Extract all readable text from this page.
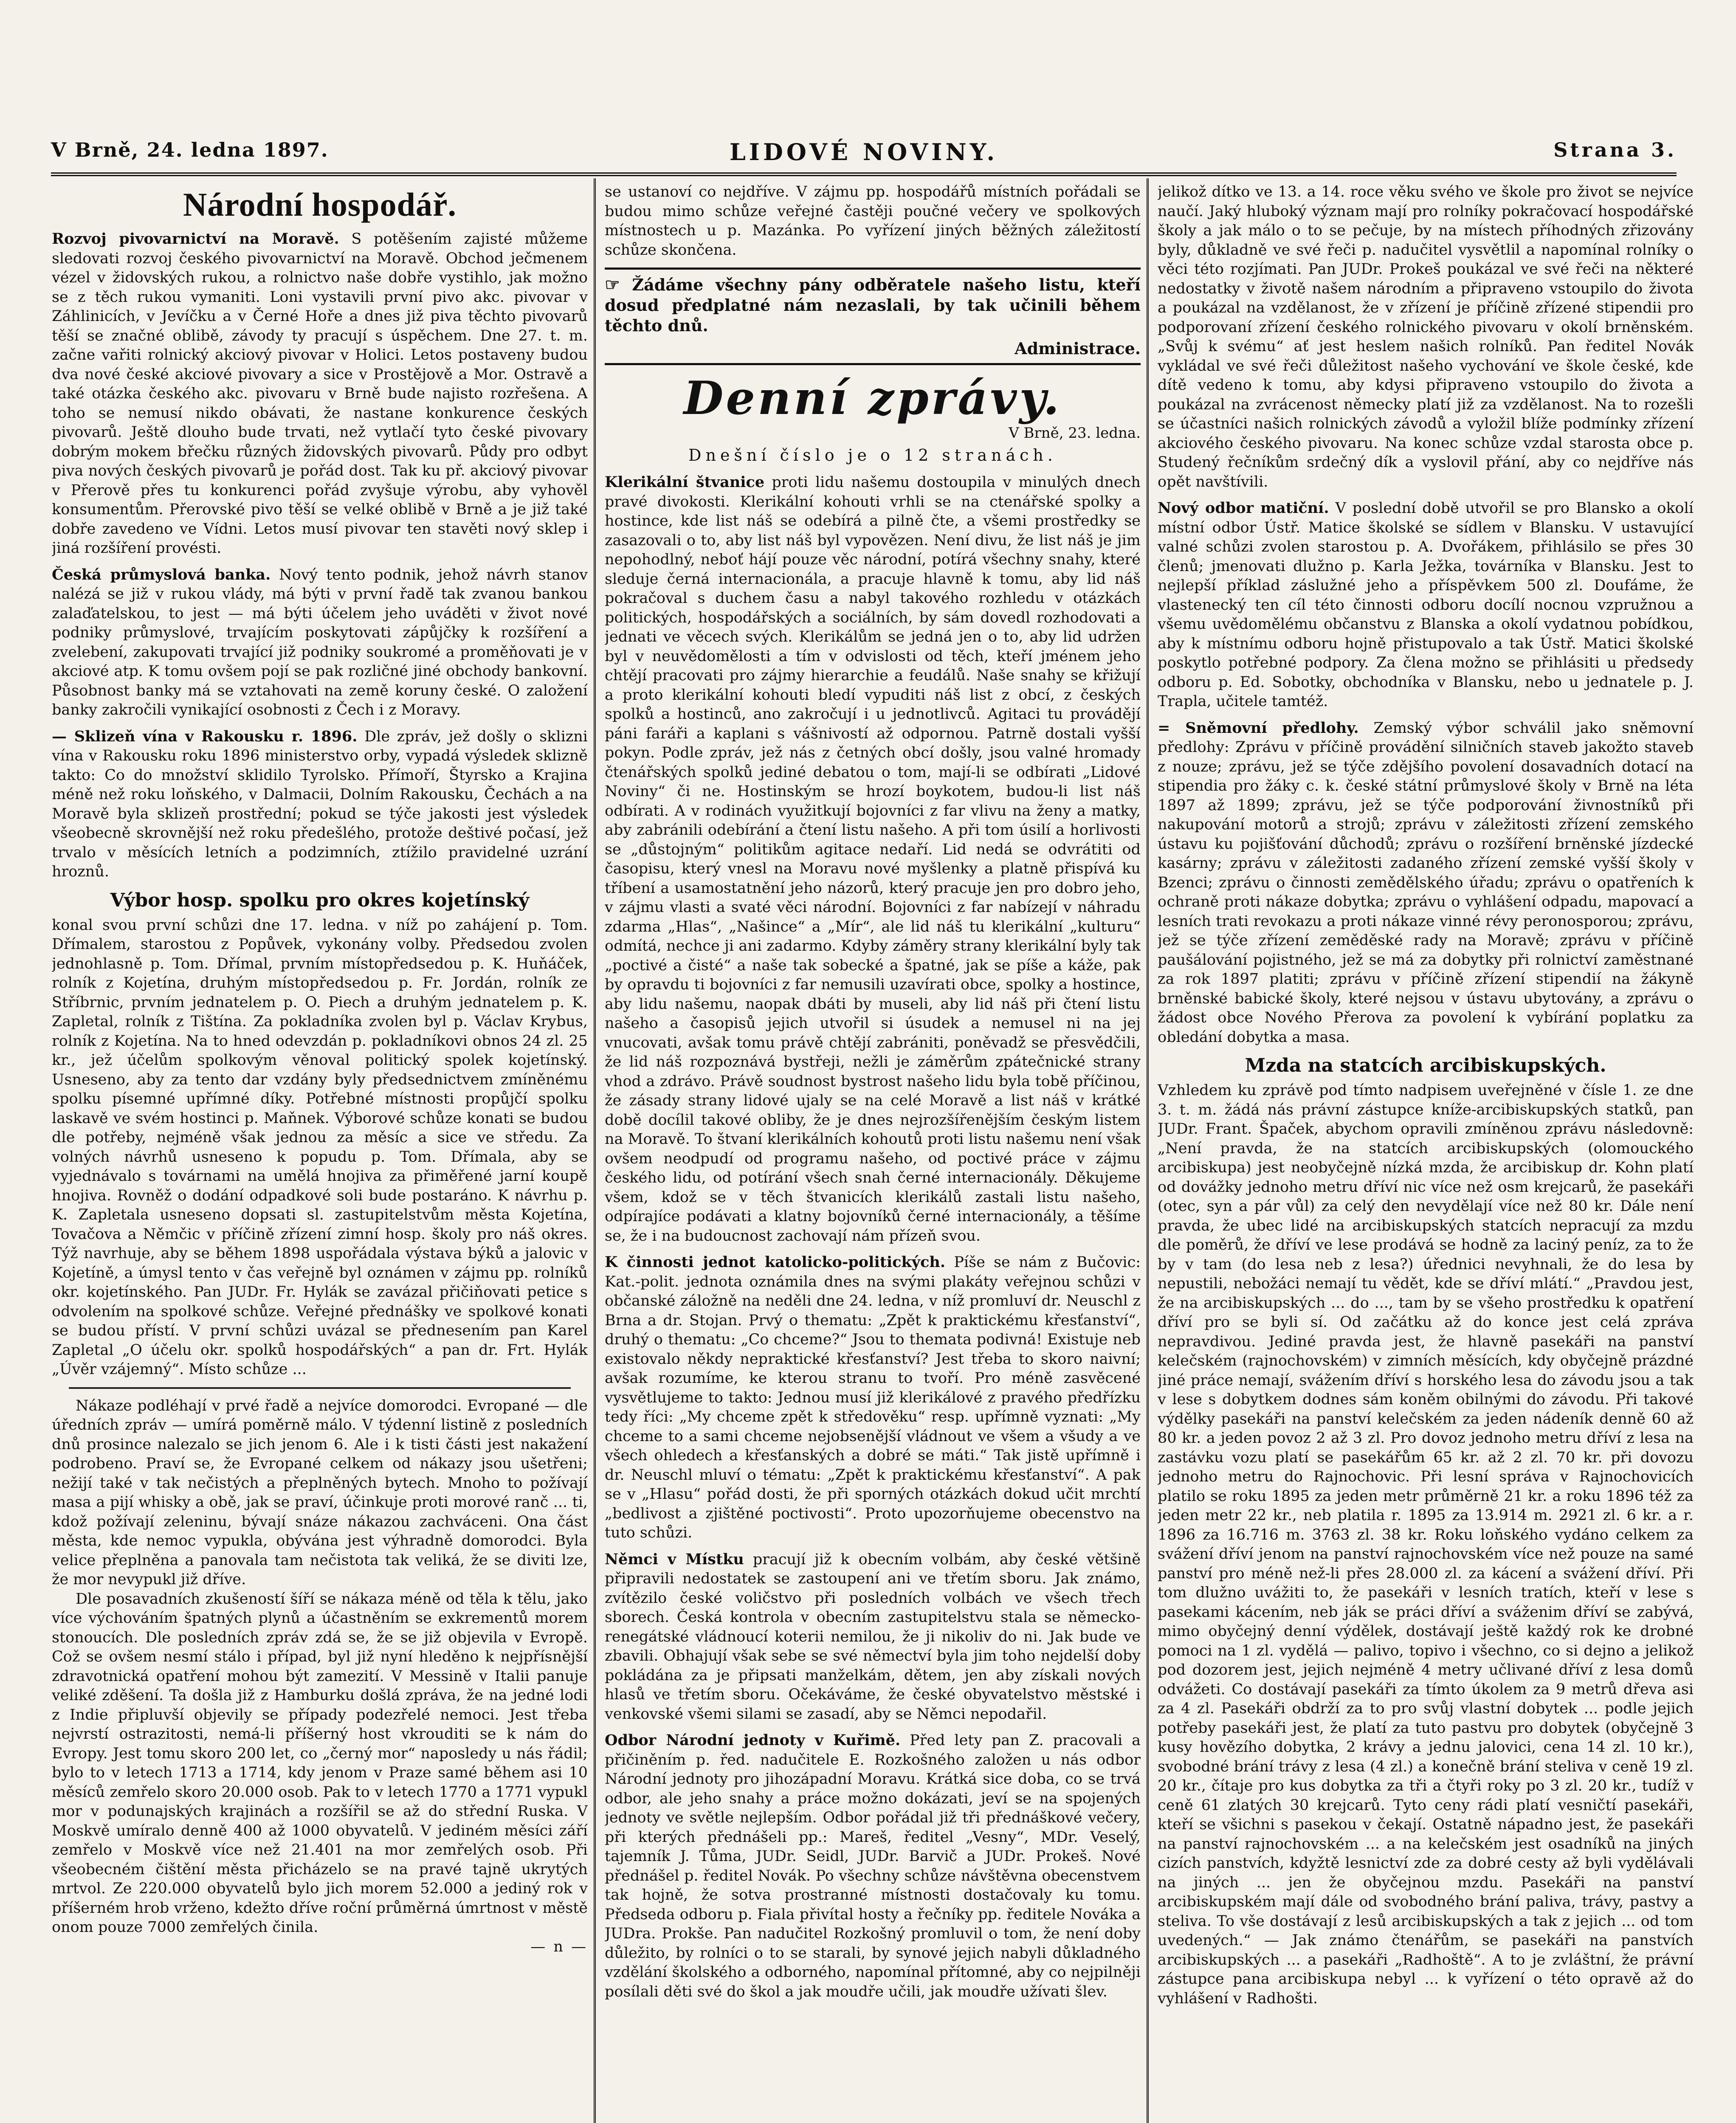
V Brně, 24. ledna 1897.	LIDOVÉ NOVINY.	Strana 3.
Národní hospodář.
Rozvoj pivovarnictví na Moravě. S potěšením zajisté můžeme sledovati rozvoj českého pivovarnictví na Moravě. Obchod ječmenem vézel v židovských rukou, a rolnictvo naše dobře vystihlo, jak možno se z těch rukou vymaniti. Loni vystavili první pivo akc. pivovar v Záhlinicích, v Jevíčku a v Černé Hoře a dnes již piva těchto pivovarů těší se značné oblibě, závody ty pracují s úspěchem. Dne 27. t. m. začne vařiti rolnický akciový pivovar v Holici. Letos postaveny budou dva nové české akciové pivovary a sice v Prostějově a Mor. Ostravě a také otázka českého akc. pivovaru v Brně bude najisto rozřešena. A toho se nemusí nikdo obávati, že nastane konkurence českých pivovarů. Ještě dlouho bude trvati, než vytlačí tyto české pivovary dobrým mokem břečku různých židovských pivovarů. Půdy pro odbyt piva nových českých pivovarů je pořád dost. Tak ku př. akciový pivovar v Přerově přes tu konkurenci pořád zvyšuje výrobu, aby vyhověl konsumentům. Přerovské pivo těší se velké oblibě v Brně a je již také dobře zavedeno ve Vídni. Letos musí pivovar ten stavěti nový sklep i jiná rozšíření provésti.
Česká průmyslová banka. Nový tento podnik, jehož návrh stanov nalézá se již v rukou vlády, má býti v první řadě tak zvanou bankou zalaďatelskou, to jest — má býti účelem jeho uváděti v život nové podniky průmyslové, trvajícím poskytovati zápůjčky k rozšíření a zvelebení, zakupovati trvající již podniky soukromé a proměňovati je v akciové atp. K tomu ovšem pojí se pak rozličné jiné obchody bankovní. Působnost banky má se vztahovati na země koruny české. O založení banky zakročili vynikající osobnosti z Čech i z Moravy.
— Sklizeň vína v Rakousku r. 1896. Dle zpráv, jež došly o sklizni vína v Rakousku roku 1896 ministerstvo orby, vypadá výsledek sklizně takto: Co do množství sklidilo Tyrolsko. Přímoří, Štyrsko a Krajina méně než roku loňského, v Dalmacii, Dolním Rakousku, Čechách a na Moravě byla sklizeň prostřední; pokud se týče jakosti jest výsledek všeobecně skrovnější než roku předešlého, protože deštivé počasí, jež trvalo v měsících letních a podzimních, ztížilo pravidelné uzrání hroznů.
Výbor hosp. spolku pro okres kojetínský
konal svou první schůzi dne 17. ledna. v níž po zahájení p. Tom. Dřímalem, starostou z Popůvek, vykonány volby. Předsedou zvolen jednohlasně p. Tom. Dřímal, prvním místopředsedou p. K. Huňáček, rolník z Kojetína, druhým místopředsedou p. Fr. Jordán, rolník ze Stříbrnic, prvním jednatelem p. O. Piech a druhým jednatelem p. K. Zapletal, rolník z Tištína. Za pokladníka zvolen byl p. Václav Krybus, rolník z Kojetína. Na to hned odevzdán p. pokladníkovi obnos 24 zl. 25 kr., jež účelům spolkovým věnoval politický spolek kojetínský. Usneseno, aby za tento dar vzdány byly předsednictvem zmíněnému spolku písemné upřímné díky. Potřebné místnosti propůjčí spolku laskavě ve svém hostinci p. Maňnek. Výborové schůze konati se budou dle potřeby, nejméně však jednou za měsíc a sice ve středu. Za volných návrhů usneseno k popudu p. Tom. Dřímala, aby se vyjednávalo s továrnami na umělá hnojiva za přiměřené jarní koupě hnojiva. Rovněž o dodání odpadkové soli bude postaráno. K návrhu p. K. Zapletala usneseno dopsati sl. zastupitelstvům města Kojetína, Tovačova a Němčic v příčině zřízení zimní hosp. školy pro náš okres. Týž navrhuje, aby se během 1898 uspořádala výstava býků a jalovic v Kojetíně, a úmysl tento v čas veřejně byl oznámen v zájmu pp. rolníků okr. kojetínského. Pan JUDr. Fr. Hylák se zavázal přičiňovati petice s odvolením na spolkové schůze. Veřejné přednášky ve spolkové konati se budou přístí. V první schůzi uvázal se přednesením pan Karel Zapletal „O účelu okr. spolků hospodářských“ a pan dr. Frt. Hylák „Úvěr vzájemný“. Místo schůze ...

Nákaze podléhají v prvé řadě a nejvíce domorodci. Evropané — dle úředních zpráv — umírá poměrně málo. V týdenní listině z posledních dnů prosince nalezalo se jich jenom 6. Ale i k tisti části jest nakažení podrobeno. Praví se, že Evropané celkem od nákazy jsou ušetřeni; nežijí také v tak nečistých a přeplněných bytech. Mnoho to požívají masa a pijí whisky a obě, jak se praví, účinkuje proti morové ranč ... ti, kdož požívají zeleninu, bývají snáze nákazou zachváceni. Ona část města, kde nemoc vypukla, obývána jest výhradně domorodci. Byla velice přeplněna a panovala tam nečistota tak veliká, že se diviti lze, že mor nevypukl již dříve.

Dle posavadních zkušeností šíří se nákaza méně od těla k tělu, jako více výchováním špatných plynů a účastněním se exkrementů morem stonoucích. Dle posledních zpráv zdá se, že se již objevila v Evropě. Což se ovšem nesmí stálo i případ, byl již nyní hleděno k nejpřísnější zdravotnická opatření mohou být zamezití. V Messině v Italii panuje veliké zděšení. Ta došla již z Hamburku došlá zpráva, že na jedné lodi z Indie připluvší objevily se případy podezřelé nemoci. Jest třeba nejvrstí ostrazitosti, nemá-li příšerný host vkrouditi se k nám do Evropy. Jest tomu skoro 200 let, co „černý mor“ naposledy u nás řádil; bylo to v letech 1713 a 1714, kdy jenom v Praze samé během asi 10 měsíců zemřelo skoro 20.000 osob. Pak to v letech 1770 a 1771 vypukl mor v podunajských krajinách a rozšířil se až do střední Ruska. V Moskvě umíralo denně 400 až 1000 obyvatelů. V jediném měsíci září zemřelo v Moskvě více než 21.401 na mor zemřelých osob. Při všeobecném čištění města přicházelo se na pravé tajně ukrytých mrtvol. Ze 220.000 obyvatelů bylo jich morem 52.000 a jediný rok v příšerném hrob vrženo, kdežto dříve roční průměrná úmrtnost v městě onom pouze 7000 zemřelých činila.

— n —
se ustanoví co nejdříve. V zájmu pp. hospodářů místních pořádali se budou mimo schůze veřejné častěji poučné večery ve spolkových místnostech u p. Mazánka. Po vyřízení jiných běžných záležitostí schůze skončena.
☞ Žádáme všechny pány odběratele našeho listu, kteří dosud předplatné nám nezaslali, by tak učinili během těchto dnů.
Administrace.
Denní zprávy.
V Brně, 23. ledna.
Dnešní číslo je o 12 stranách.
Klerikální štvanice proti lidu našemu dostoupila v minulých dnech pravé divokosti. Klerikální kohouti vrhli se na ctenářské spolky a hostince, kde list náš se odebírá a pilně čte, a všemi prostředky se zasazovali o to, aby list náš byl vypovězen. Není divu, že list náš je jim nepohodlný, neboť hájí pouze věc národní, potírá všechny snahy, které sleduje černá internacionála, a pracuje hlavně k tomu, aby lid náš pokračoval s duchem času a nabyl takového rozhledu v otázkách politických, hospodářských a sociálních, by sám dovedl rozhodovati a jednati ve věcech svých. Klerikálům se jedná jen o to, aby lid udržen byl v neuvědomělosti a tím v odvislosti od těch, kteří jménem jeho chtějí pracovati pro zájmy hierarchie a feudálů. Naše snahy se křižují a proto klerikální kohouti bledí vypuditi náš list z obcí, z českých spolků a hostinců, ano zakročují i u jednotlivců. Agitaci tu provádějí páni faráři a kaplani s vášnivostí až odpornou. Patrně dostali vyšší pokyn. Podle zpráv, jež nás z četných obcí došly, jsou valné hromady čtenářských spolků jediné debatou o tom, mají-li se odbírati „Lidové Noviny“ či ne. Hostinským se hrozí boykotem, budou-li list náš odbírati. A v rodinách využitkují bojovníci z far vlivu na ženy a matky, aby zabránili odebírání a čtení listu našeho. A při tom úsilí a horlivosti se „důstojným“ politikům agitace nedaří. Lid nedá se odvrátiti od časopisu, který vnesl na Moravu nové myšlenky a platně přispívá ku tříbení a usamostatnění jeho názorů, který pracuje jen pro dobro jeho, v zájmu vlasti a svaté věci národní. Bojovníci z far nabízejí v náhradu zdarma „Hlas“, „Našince“ a „Mír“, ale lid náš tu klerikální „kulturu“ odmítá, nechce ji ani zadarmo. Kdyby záměry strany klerikální byly tak „poctivé a čisté“ a naše tak sobecké a špatné, jak se píše a káže, pak by opravdu ti bojovníci z far nemusili uzavírati obce, spolky a hostince, aby lidu našemu, naopak dbáti by museli, aby lid náš při čtení listu našeho a časopisů jejich utvořil si úsudek a nemusel ni na jej vnucovati, avšak tomu právě chtějí zabrániti, poněvadž se přesvědčili, že lid náš rozpoznává bystřeji, nežli je záměrům zpátečnické strany vhod a zdrávo. Právě soudnost bystrost našeho lidu byla tobě příčinou, že zásady strany lidové ujaly se na celé Moravě a list náš v krátké době docílil takové obliby, že je dnes nejrozšířenějším českým listem na Moravě. To štvaní klerikálních kohoutů proti listu našemu není však ovšem neodpudí od programu našeho, od poctivé práce v zájmu českého lidu, od potírání všech snah černé internacionály. Děkujeme všem, kdož se v těch štvanicích klerikálů zastali listu našeho, odpírajíce podávati a klatny bojovníků černé internacionály, a těšíme se, že i na budoucnost zachovají nám přízeň svou.
K činnosti jednot katolicko-politických. Píše se nám z Bučovic: Kat.-polit. jednota oznámila dnes na svými plakáty veřejnou schůzi v občanské záložně na neděli dne 24. ledna, v níž promluví dr. Neuschl z Brna a dr. Stojan. Prvý o thematu: „Zpět k praktickému křesťanství“, druhý o thematu: „Co chceme?“ Jsou to themata podivná! Existuje neb existovalo někdy nepraktické křesťanství? Jest třeba to skoro naivní; avšak rozumíme, ke kterou stranu to tvoří. Pro méně zasvěcené vysvětlujeme to takto: Jednou musí již klerikálové z pravého předřízku tedy říci: „My chceme zpět k středověku“ resp. upřímně vyznati: „My chceme to a sami chceme nejobsenější vládnout ve všem a všudy a ve všech ohledech a křesťanských a dobré se máti.“ Tak jistě upřímně i dr. Neuschl mluví o tématu: „Zpět k praktickému křesťanství“. A pak se v „Hlasu“ pořád dosti, že při sporných otázkách dokud učit mrchtí „bedlivost a zjištěné poctivosti“. Proto upozorňujeme obecenstvo na tuto schůzi.
Němci v Místku pracují již k obecním volbám, aby české většině připravili nedostatek se zastoupení ani ve třetím sboru. Jak známo, zvítězilo české voličstvo při posledních volbách ve všech třech sborech. Česká kontrola v obecním zastupitelstvu stala se německo-renegátské vládnoucí koterii nemilou, že ji nikoliv do ni. Jak bude ve zbavili. Obhajují však sebe se své němectví byla jim toho nejdelší doby pokládána za je připsati manželkám, dětem, jen aby získali nových hlasů ve třetím sboru. Očekáváme, že české obyvatelstvo městské i venkovské všemi silami se zasadí, aby se Němci nepodařil.
Odbor Národní jednoty v Kuřimě. Před lety pan Z. pracovali a přičiněním p. řed. nadučitele E. Rozkošného založen u nás odbor Národní jednoty pro jihozápadní Moravu. Krátká sice doba, co se trvá odbor, ale jeho snahy a práce možno dokázati, jeví se na spojených jednoty ve světle nejlepším. Odbor pořádal již tři přednáškové večery, při kterých přednášeli pp.: Mareš, ředitel „Vesny“, MDr. Veselý, tajemník J. Tůma, JUDr. Seidl, JUDr. Barvič a JUDr. Prokeš. Nové přednášel p. ředitel Novák. Po všechny schůze návštěvna obecenstvem tak hojně, že sotva prostranné místnosti dostačovaly ku tomu. Předseda odboru p. Fiala přivítal hosty a řečníky pp. ředitele Nováka a JUDra. Prokše. Pan nadučitel Rozkošný promluvil o tom, že není doby důležito, by rolníci o to se starali, by synové jejich nabyli důkladného vzdělání školského a odborného, napomínal přítomné, aby co nejpilněji posílali děti své do škol a jak moudře učili, jak moudře užívati šlev.
jelikož dítko ve 13. a 14. roce věku svého ve škole pro život se nejvíce naučí. Jaký hluboký význam mají pro rolníky pokračovací hospodářské školy a jak málo o to se pečuje, by na místech příhodných zřizovány byly, důkladně ve své řeči p. nadučitel vysvětlil a napomínal rolníky o věci této rozjímati. Pan JUDr. Prokeš poukázal ve své řeči na některé nedostatky v životě našem národním a připraveno vstoupilo do života a poukázal na vzdělanost, že v zřízení je příčině zřízené stipendii pro podporovaní zřízení českého rolnického pivovaru v okolí brněnském. „Svůj k svému“ ať jest heslem našich rolníků. Pan ředitel Novák vykládal ve své řeči důležitost našeho vychování ve škole české, kde dítě vedeno k tomu, aby kdysi připraveno vstoupilo do života a poukázal na zvrácenost německy platí již za vzdělanost. Na to rozešli se účastníci našich rolnických závodů a vyložil blíže podmínky zřízení akciového českého pivovaru. Na konec schůze vzdal starosta obce p. Studený řečníkům srdečný dík a vyslovil přání, aby co nejdříve nás opět navštívili.
Nový odbor matiční. V poslední době utvořil se pro Blansko a okolí místní odbor Ústř. Matice školské se sídlem v Blansku. V ustavující valné schůzi zvolen starostou p. A. Dvořákem, přihlásilo se přes 30 členů; jmenovati dlužno p. Karla Ježka, továrníka v Blansku. Jest to nejlepší příklad záslužné jeho a příspěvkem 500 zl. Doufáme, že vlastenecký ten cíl této činnosti odboru docílí nocnou vzpružnou a všemu uvědomělému občanstvu z Blanska a okolí vydatnou pobídkou, aby k místnímu odboru hojně přistupovalo a tak Ústř. Matici školské poskytlo potřebné podpory. Za člena možno se přihlásiti u předsedy odboru p. Ed. Sobotky, obchodníka v Blansku, nebo u jednatele p. J. Trapla, učitele tamtéž.
= Sněmovní předlohy. Zemský výbor schválil jako sněmovní předlohy: Zprávu v příčině provádění silničních staveb jakožto staveb z nouze; zprávu, jež se týče zdějšího povolení dosavadních dotací na stipendia pro žáky c. k. české státní průmyslové školy v Brně na léta 1897 až 1899; zprávu, jež se týče podporování živnostníků při nakupování motorů a strojů; zprávu v záležitosti zřízení zemského ústavu ku pojišťování důchodů; zprávu o rozšíření brněnské jízdecké kasárny; zprávu v záležitosti zadaného zřízení zemské vyšší školy v Bzenci; zprávu o činnosti zemědělského úřadu; zprávu o opatřeních k ochraně proti nákaze dobytka; zprávu o vyhlášení odpadu, mapovací a lesních trati revokazu a proti nákaze vinné révy peronosporou; zprávu, jež se týče zřízení zeměděské rady na Moravě; zprávu v příčině paušálování pojistného, jež se má za dobytky při rolnictví zaměstnané za rok 1897 platiti; zprávu v příčině zřízení stipendií na žákyně brněnské babické školy, které nejsou v ústavu ubytovány, a zprávu o žádost obce Nového Přerova za povolení k vybírání poplatku za obledání dobytka a masa.
Mzda na statcích arcibiskupských.
Vzhledem ku zprávě pod tímto nadpisem uveřejněné v čísle 1. ze dne 3. t. m. žádá nás právní zástupce kníže-arcibiskupských statků, pan JUDr. Frant. Špaček, abychom opravili zmíněnou zprávu následovně: „Není pravda, že na statcích arcibiskupských (olomouckého arcibiskupa) jest neobyčejně nízká mzda, že arcibiskup dr. Kohn platí od dovážky jednoho metru dříví nic více než osm krejcarů, že pasekáři (otec, syn a pár vůl) za celý den nevydělají více než 80 kr. Dále není pravda, že ubec lidé na arcibiskupských statcích nepracují za mzdu dle poměrů, že dříví ve lese prodává se hodně za laciný peníz, za to že by v tam (do lesa neb z lesa?) úřednici nevyhnali, že do lesa by nepustili, nebožáci nemají tu vědět, kde se dříví mlátí.“ „Pravdou jest, že na arcibiskupských ... do ..., tam by se všeho prostředku k opatření dříví pro se byli sí. Od začátku až do konce jest celá zpráva nepravdivou. Jediné pravda jest, že hlavně pasekáři na panství kelečském (rajnochovském) v zimních měsících, kdy obyčejně prázdné jiné práce nemají, svážením dříví s horského lesa do závodu jsou a tak v lese s dobytkem dodnes sám koněm obilnými do závodu. Při takové výdělky pasekáři na panství kelečském za jeden nádeník denně 60 až 80 kr. a jeden povoz 2 až 3 zl. Pro dovoz jednoho metru dříví z lesa na zastávku vozu platí se pasekářům 65 kr. až 2 zl. 70 kr. při dovozu jednoho metru do Rajnochovic. Při lesní správa v Rajnochovicích platilo se roku 1895 za jeden metr průměrně 21 kr. a roku 1896 též za jeden metr 22 kr., neb platila r. 1895 za 13.914 m. 2921 zl. 6 kr. a r. 1896 za 16.716 m. 3763 zl. 38 kr. Roku loňského vydáno celkem za svážení dříví jenom na panství rajnochovském více než pouze na samé panství pro méně než-li přes 28.000 zl. za kácení a svážení dříví. Při tom dlužno uvážiti to, že pasekáři v lesních tratích, kteří v lese s pasekami kácením, neb ják se práci dříví a sváženim dříví se zabývá, mimo obyčejný denní výdělek, dostávají ještě každý rok ke drobné pomoci na 1 zl. vydělá — palivo, topivo i všechno, co si dejno a jelikož pod dozorem jest, jejich nejméně 4 metry učlivané dříví z lesa domů odvážeti. Co dostávají pasekáři za tímto úkolem za 9 metrů dřeva asi za 4 zl. Pasekáři obdrží za to pro svůj vlastní dobytek ... podle jejich potřeby pasekáři jest, že platí za tuto pastvu pro dobytek (obyčejně 3 kusy hovězího dobytka, 2 krávy a jednu jalovici, cena 14 zl. 10 kr.), svobodné brání trávy z lesa (4 zl.) a konečně brání steliva v ceně 19 zl. 20 kr., čítaje pro kus dobytka za tři a čtyři roky po 3 zl. 20 kr., tudíž v ceně 61 zlatých 30 krejcarů. Tyto ceny rádi platí vesničtí pasekáři, kteří se všichni s pasekou v čekají. Ostatně nápadno jest, že pasekáři na panství rajnochovském ... a na kelečském jest osadníků na jiných cizích panstvích, kdyžtě lesnictví zde za dobré cesty až byli vydělávali na jiných ... jen že obyčejnou mzdu. Pasekáři na panství arcibiskupském mají dále od svobodného brání paliva, trávy, pastvy a steliva. To vše dostávají z lesů arcibiskupských a tak z jejich ... od tom uvedených.“ — Jak známo čtenářům, se pasekáři na panstvích arcibiskupských ... a pasekáři „Radhoště“. A to je zvláštní, že právní zástupce pana arcibiskupa nebyl ... k vyřízení o této opravě až do vyhlášení v Radhošti.
